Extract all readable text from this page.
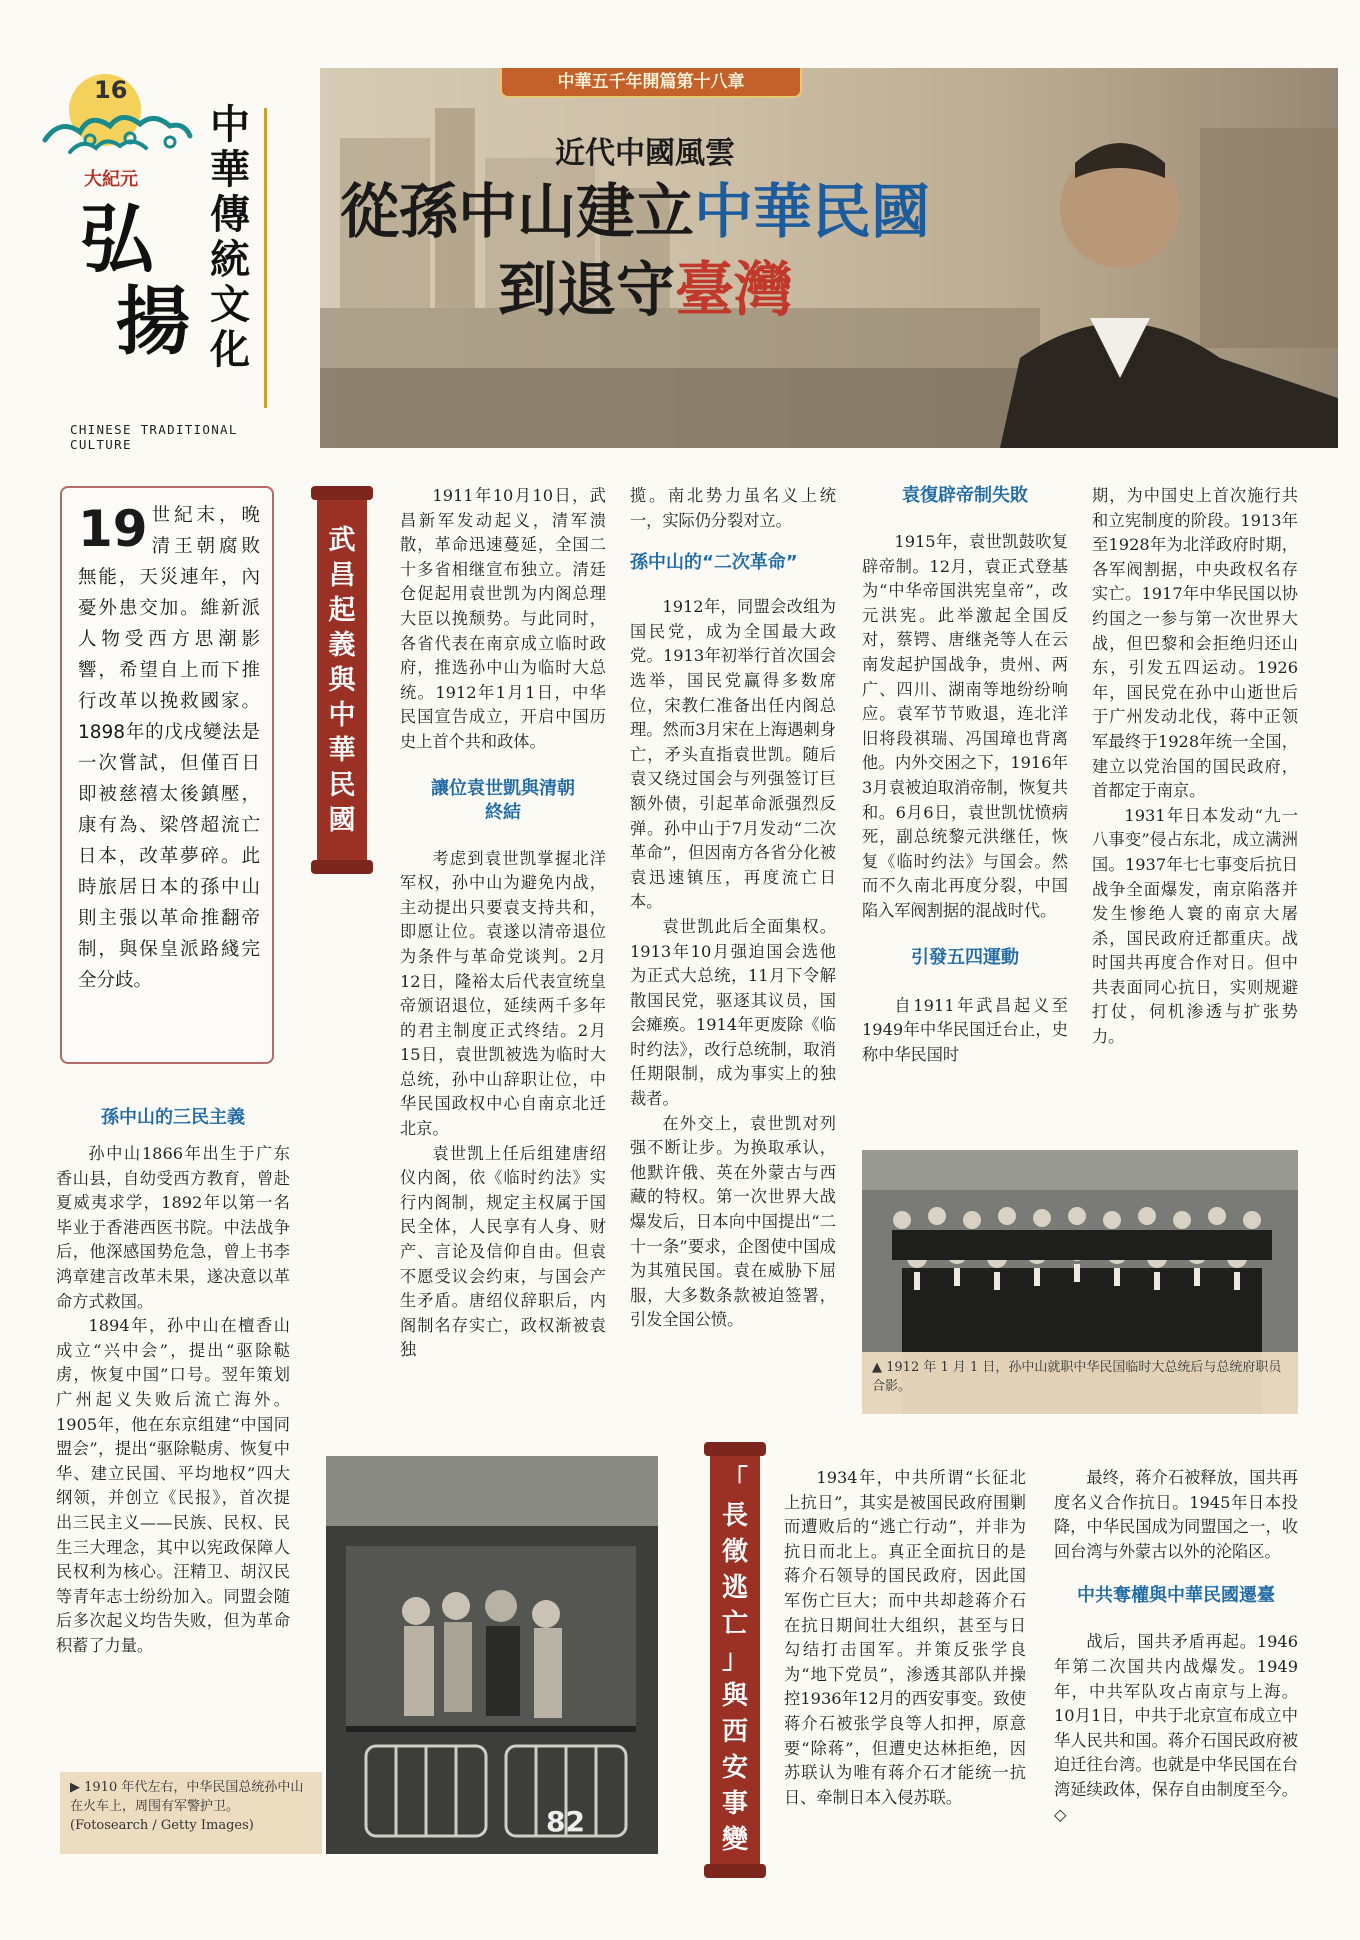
16
大紀元
弘
揚
中
華
傳
統
文
化
CHINESE TRADITIONAL CULTURE
中華五千年開篇第十八章
近代中國風雲
從孫中山建立中華民國
到退守臺灣
19 世紀末，晚清王朝腐敗無能，天災連年，內憂外患交加。維新派人物受西方思潮影響，希望自上而下推行改革以挽救國家。1898年的戊戌變法是一次嘗試，但僅百日即被慈禧太後鎮壓，康有為、梁啓超流亡日本，改革夢碎。此時旅居日本的孫中山則主張以革命推翻帝制，與保皇派路綫完全分歧。
武
昌
起
義
與
中
華
民
國
「
長
徵
逃
亡
」
與
西
安
事
變
孫中山的三民主義

孙中山1866年出生于广东香山县，自幼受西方教育，曾赴夏威夷求学，1892年以第一名毕业于香港西医书院。中法战争后，他深感国势危急，曾上书李鸿章建言改革未果，遂决意以革命方式救国。

1894年，孙中山在檀香山成立“兴中会”，提出“驱除鞑虏，恢复中国”口号。翌年策划广州起义失败后流亡海外。1905年，他在东京组建“中国同盟会”，提出“驱除鞑虏、恢复中华、建立民国、平均地权”四大纲领，并创立《民报》，首次提出三民主义——民族、民权、民生三大理念，其中以宪政保障人民权利为核心。汪精卫、胡汉民等青年志士纷纷加入。同盟会随后多次起义均告失败，但为革命积蓄了力量。

82
▶ 1910 年代左右，中华民国总统孙中山在火车上，周围有军警护卫。(Fotosearch / Getty Images)

1911年10月10日，武昌新军发动起义，清军溃散，革命迅速蔓延，全国二十多省相继宣布独立。清廷仓促起用袁世凯为内阁总理大臣以挽颓势。与此同时，各省代表在南京成立临时政府，推选孙中山为临时大总统。1912年1月1日，中华民国宣告成立，开启中国历史上首个共和政体。

讓位袁世凱與清朝終結

考虑到袁世凯掌握北洋军权，孙中山为避免内战，主动提出只要袁支持共和，即愿让位。袁遂以清帝退位为条件与革命党谈判。2月12日，隆裕太后代表宣统皇帝颁诏退位，延续两千多年的君主制度正式终结。2月15日，袁世凯被选为临时大总统，孙中山辞职让位，中华民国政权中心自南京北迁北京。

袁世凯上任后组建唐绍仪内阁，依《临时约法》实行内阁制，规定主权属于国民全体，人民享有人身、财产、言论及信仰自由。但袁不愿受议会约束，与国会产生矛盾。唐绍仪辞职后，内阁制名存实亡，政权渐被袁独

揽。南北势力虽名义上统一，实际仍分裂对立。

孫中山的“二次革命”

1912年，同盟会改组为国民党，成为全国最大政党。1913年初举行首次国会选举，国民党赢得多数席位，宋教仁准备出任内阁总理。然而3月宋在上海遇刺身亡，矛头直指袁世凯。随后袁又绕过国会与列强签订巨额外债，引起革命派强烈反弹。孙中山于7月发动“二次革命”，但因南方各省分化被袁迅速镇压，再度流亡日本。

袁世凯此后全面集权。1913年10月强迫国会选他为正式大总统，11月下令解散国民党，驱逐其议员，国会瘫痪。1914年更废除《临时约法》，改行总统制，取消任期限制，成为事实上的独裁者。

在外交上，袁世凯对列强不断让步。为换取承认，他默许俄、英在外蒙古与西藏的特权。第一次世界大战爆发后，日本向中国提出“二十一条”要求，企图使中国成为其殖民国。袁在威胁下屈服，大多数条款被迫签署，引发全国公愤。

袁復辟帝制失敗

1915年，袁世凯鼓吹复辟帝制。12月，袁正式登基为“中华帝国洪宪皇帝”，改元洪宪。此举激起全国反对，蔡锷、唐继尧等人在云南发起护国战争，贵州、两广、四川、湖南等地纷纷响应。袁军节节败退，连北洋旧将段祺瑞、冯国璋也背离他。内外交困之下，1916年3月袁被迫取消帝制，恢复共和。6月6日，袁世凯忧愤病死，副总统黎元洪继任，恢复《临时约法》与国会。然而不久南北再度分裂，中国陷入军阀割据的混战时代。

引發五四運動

自1911年武昌起义至1949年中华民国迁台止，史称中华民国时

期，为中国史上首次施行共和立宪制度的阶段。1913年至1928年为北洋政府时期，各军阀割据，中央政权名存实亡。1917年中华民国以协约国之一参与第一次世界大战，但巴黎和会拒绝归还山东，引发五四运动。1926年，国民党在孙中山逝世后于广州发动北伐，蒋中正领军最终于1928年统一全国，建立以党治国的国民政府，首都定于南京。

1931年日本发动“九一八事变”侵占东北，成立满洲国。1937年七七事变后抗日战争全面爆发，南京陷落并发生惨绝人寰的南京大屠杀，国民政府迁都重庆。战时国共再度合作对日。但中共表面同心抗日，实则规避打仗，伺机渗透与扩张势力。

▲ 1912 年 1 月 1 日，孙中山就职中华民国临时大总统后与总统府职员合影。

1934年，中共所谓“长征北上抗日”，其实是被国民政府围剿而遭败后的“逃亡行动”，并非为抗日而北上。真正全面抗日的是蒋介石领导的国民政府，因此国军伤亡巨大；而中共却趁蒋介石在抗日期间壮大组织，甚至与日勾结打击国军。并策反张学良为“地下党员”，渗透其部队并操控1936年12月的西安事变。致使蒋介石被张学良等人扣押，原意要“除蒋”，但遭史达林拒绝，因苏联认为唯有蒋介石才能统一抗日、牵制日本入侵苏联。

最终，蒋介石被释放，国共再度名义合作抗日。1945年日本投降，中华民国成为同盟国之一，收回台湾与外蒙古以外的沦陷区。

中共奪權與中華民國遷臺

战后，国共矛盾再起。1946年第二次国共内战爆发。1949年，中共军队攻占南京与上海。10月1日，中共于北京宣布成立中华人民共和国。蒋介石国民政府被迫迁往台湾。也就是中华民国在台湾延续政体，保存自由制度至今。◇
